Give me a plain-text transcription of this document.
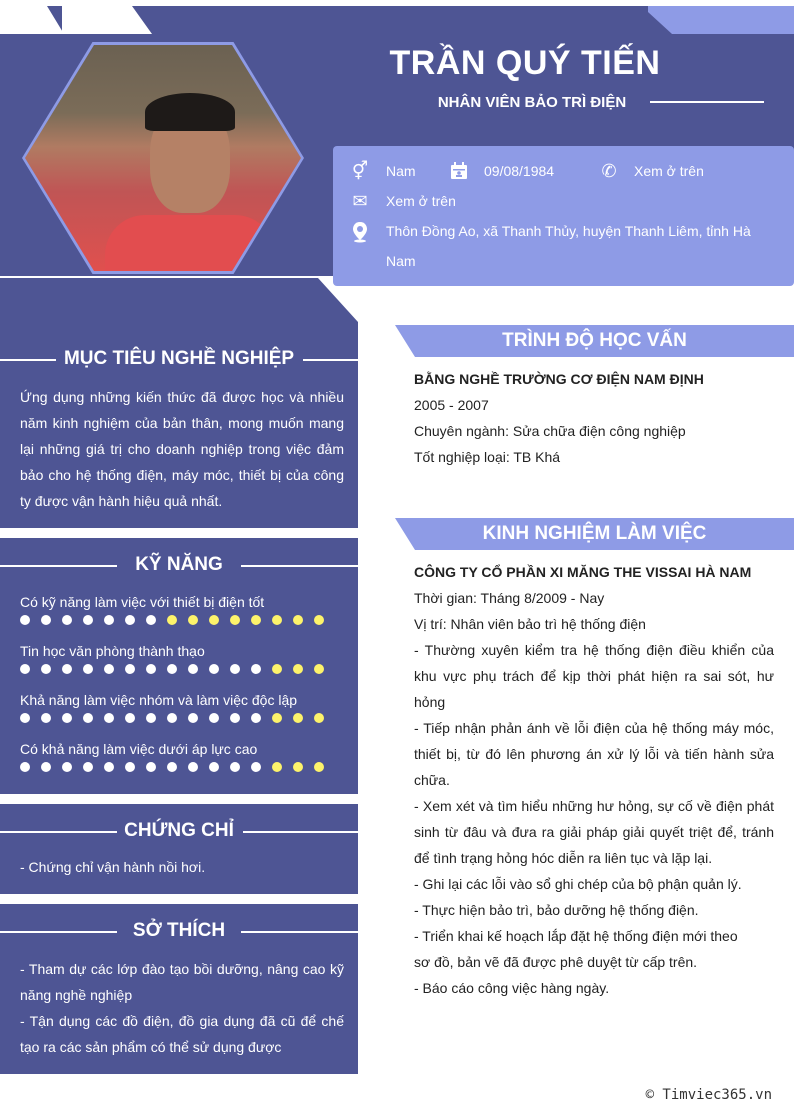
TRẦN QUÝ TIẾN
NHÂN VIÊN BẢO TRÌ ĐIỆN
⚥ Nam	09/08/1984	✆ Xem ở trên
✉ Xem ở trên
Thôn Đồng Ao, xã Thanh Thủy, huyện Thanh Liêm, tỉnh Hà
Nam
MỤC TIÊU NGHỀ NGHIỆP
Ứng dụng những kiến thức đã được học và nhiều năm kinh nghiệm của bản thân, mong muốn mang lại những giá trị cho doanh nghiệp trong việc đảm bảo cho hệ thống điện, máy móc, thiết bị của công ty được vận hành hiệu quả nhất.
KỸ NĂNG
Có kỹ năng làm việc với thiết bị điện tốt
Tin học văn phòng thành thạo
Khả năng làm việc nhóm và làm việc độc lập
Có khả năng làm việc dưới áp lực cao
CHỨNG CHỈ
- Chứng chỉ vận hành nồi hơi.
SỞ THÍCH
- Tham dự các lớp đào tạo bồi dưỡng, nâng cao kỹ năng nghề nghiệp
- Tận dụng các đồ điện, đồ gia dụng đã cũ để chế tạo ra các sản phẩm có thể sử dụng được
TRÌNH ĐỘ HỌC VẤN
BẰNG NGHỀ TRƯỜNG CƠ ĐIỆN NAM ĐỊNH
2005 - 2007
Chuyên ngành: Sửa chữa điện công nghiệp
Tốt nghiệp loại: TB Khá
KINH NGHIỆM LÀM VIỆC
CÔNG TY CỔ PHẦN XI MĂNG THE VISSAI HÀ NAM
Thời gian: Tháng 8/2009 - Nay
Vị trí: Nhân viên bảo trì hệ thống điện
- Thường xuyên kiểm tra hệ thống điện điều khiển của khu vực phụ trách để kịp thời phát hiện ra sai sót, hư hỏng
- Tiếp nhận phản ánh về lỗi điện của hệ thống máy móc, thiết bị, từ đó lên phương án xử lý lỗi và tiến hành sửa chữa.
- Xem xét và tìm hiểu những hư hỏng, sự cố về điện phát sinh từ đâu và đưa ra giải pháp giải quyết triệt để, tránh để tình trạng hỏng hóc diễn ra liên tục và lặp lại.
- Ghi lại các lỗi vào sổ ghi chép của bộ phận quản lý.
- Thực hiện bảo trì, bảo dưỡng hệ thống điện.
- Triển khai kế hoạch lắp đặt hệ thống điện mới theo sơ đồ, bản vẽ đã được phê duyệt từ cấp trên.
- Báo cáo công việc hàng ngày.
© Timviec365.vn
